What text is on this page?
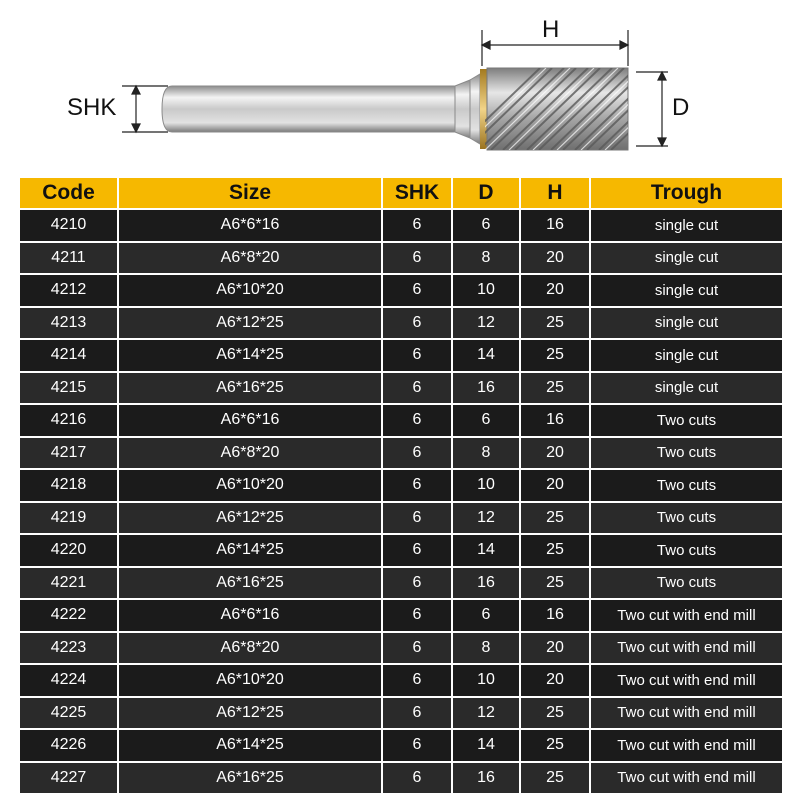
SHK
H
D
Code	Size	SHK	D	H	Trough
4210	A6*6*16	6	6	16	single cut
4211	A6*8*20	6	8	20	single cut
4212	A6*10*20	6	10	20	single cut
4213	A6*12*25	6	12	25	single cut
4214	A6*14*25	6	14	25	single cut
4215	A6*16*25	6	16	25	single cut
4216	A6*6*16	6	6	16	Two cuts
4217	A6*8*20	6	8	20	Two cuts
4218	A6*10*20	6	10	20	Two cuts
4219	A6*12*25	6	12	25	Two cuts
4220	A6*14*25	6	14	25	Two cuts
4221	A6*16*25	6	16	25	Two cuts
4222	A6*6*16	6	6	16	Two cut with end mill
4223	A6*8*20	6	8	20	Two cut with end mill
4224	A6*10*20	6	10	20	Two cut with end mill
4225	A6*12*25	6	12	25	Two cut with end mill
4226	A6*14*25	6	14	25	Two cut with end mill
4227	A6*16*25	6	16	25	Two cut with end mill
